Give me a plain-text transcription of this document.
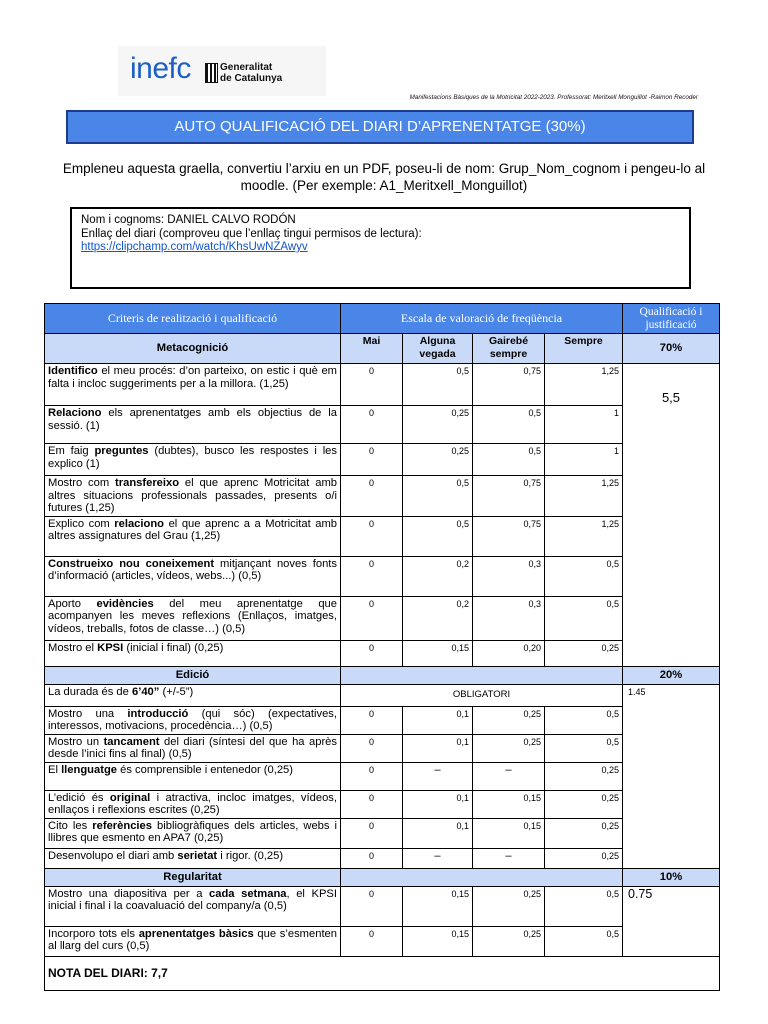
inefc	Generalitat
de Catalunya
Manifestacions Bàsiques de la Motricitat 2022-2023. Professorat: Meritxell Monguillot -Raimon Recoder
AUTO QUALIFICACIÓ DEL DIARI D’APRENENTATGE (30%)
Empleneu aquesta graella, convertiu l’arxiu en un PDF, poseu-li de nom: Grup_Nom_cognom i pengeu-lo al moodle. (Per exemple: A1_Meritxell_Monguillot)
Nom i cognoms: DANIEL CALVO RODÓN
Enllaç del diari (comproveu que l’enllaç tingui permisos de lectura):
https://clipchamp.com/watch/KhsUwNZAwyv
Criteris de realització i qualificació	Escala de valoració de freqüència				Qualificació i justificació
Metacognició	Mai	Alguna vegada	Gairebé sempre	Sempre	70%
Identifico el meu procés: d’on parteixo, on estic i què em falta i incloc suggeriments per a la millora. (1,25)	0	0,5	0,75	1,25	5,5
Relaciono els aprenentatges amb els objectius de la sessió. (1)	0	0,25	0,5	1	
Em faig preguntes (dubtes), busco les respostes i les explico (1)	0	0,25	0,5	1	
Mostro com transfereixo el que aprenc Motricitat amb altres situacions professionals passades, presents o/i futures (1,25)	0	0,5	0,75	1,25	
Explico com relaciono el que aprenc a a Motricitat amb altres assignatures del Grau (1,25)	0	0,5	0,75	1,25	
Construeixo nou coneixement mitjançant noves fonts d’informació (articles, vídeos, webs...) (0,5)	0	0,2	0,3	0,5	
Aporto evidències del meu aprenentatge que acompanyen les meves reflexions (Enllaços, imatges, vídeos, treballs, fotos de classe…) (0,5)	0	0,2	0,3	0,5	
Mostro el KPSI (inicial i final) (0,25)	0	0,15	0,20	0,25	
Edició					20%
La durada és de 6’40” (+/-5”)	OBLIGATORI				1.45
Mostro una introducció (qui sóc) (expectatives, interessos, motivacions, procedència…) (0,5)	0	0,1	0,25	0,5	
Mostro un tancament del diari (síntesi del que ha après desde l’inici fins al final) (0,5)	0	0,1	0,25	0,5	
El llenguatge és comprensible i entenedor (0,25)	0	–	–	0,25	
L’edició és original i atractiva, incloc imatges, vídeos, enllaços i reflexions escrites (0,25)	0	0,1	0,15	0,25	
Cito les referències bibliogràfiques dels articles, webs i llibres que esmento en APA7 (0,25)	0	0,1	0,15	0,25	
Desenvolupo el diari amb serietat i rigor. (0,25)	0	–	–	0,25	
Regularitat					10%
Mostro una diapositiva per a cada setmana, el KPSI inicial i final i la coavaluació del company/a (0,5)	0	0,15	0,25	0,5	0.75
Incorporo tots els aprenentatges bàsics que s’esmenten al llarg del curs (0,5)	0	0,15	0,25	0,5	
NOTA DEL DIARI: 7,7					
